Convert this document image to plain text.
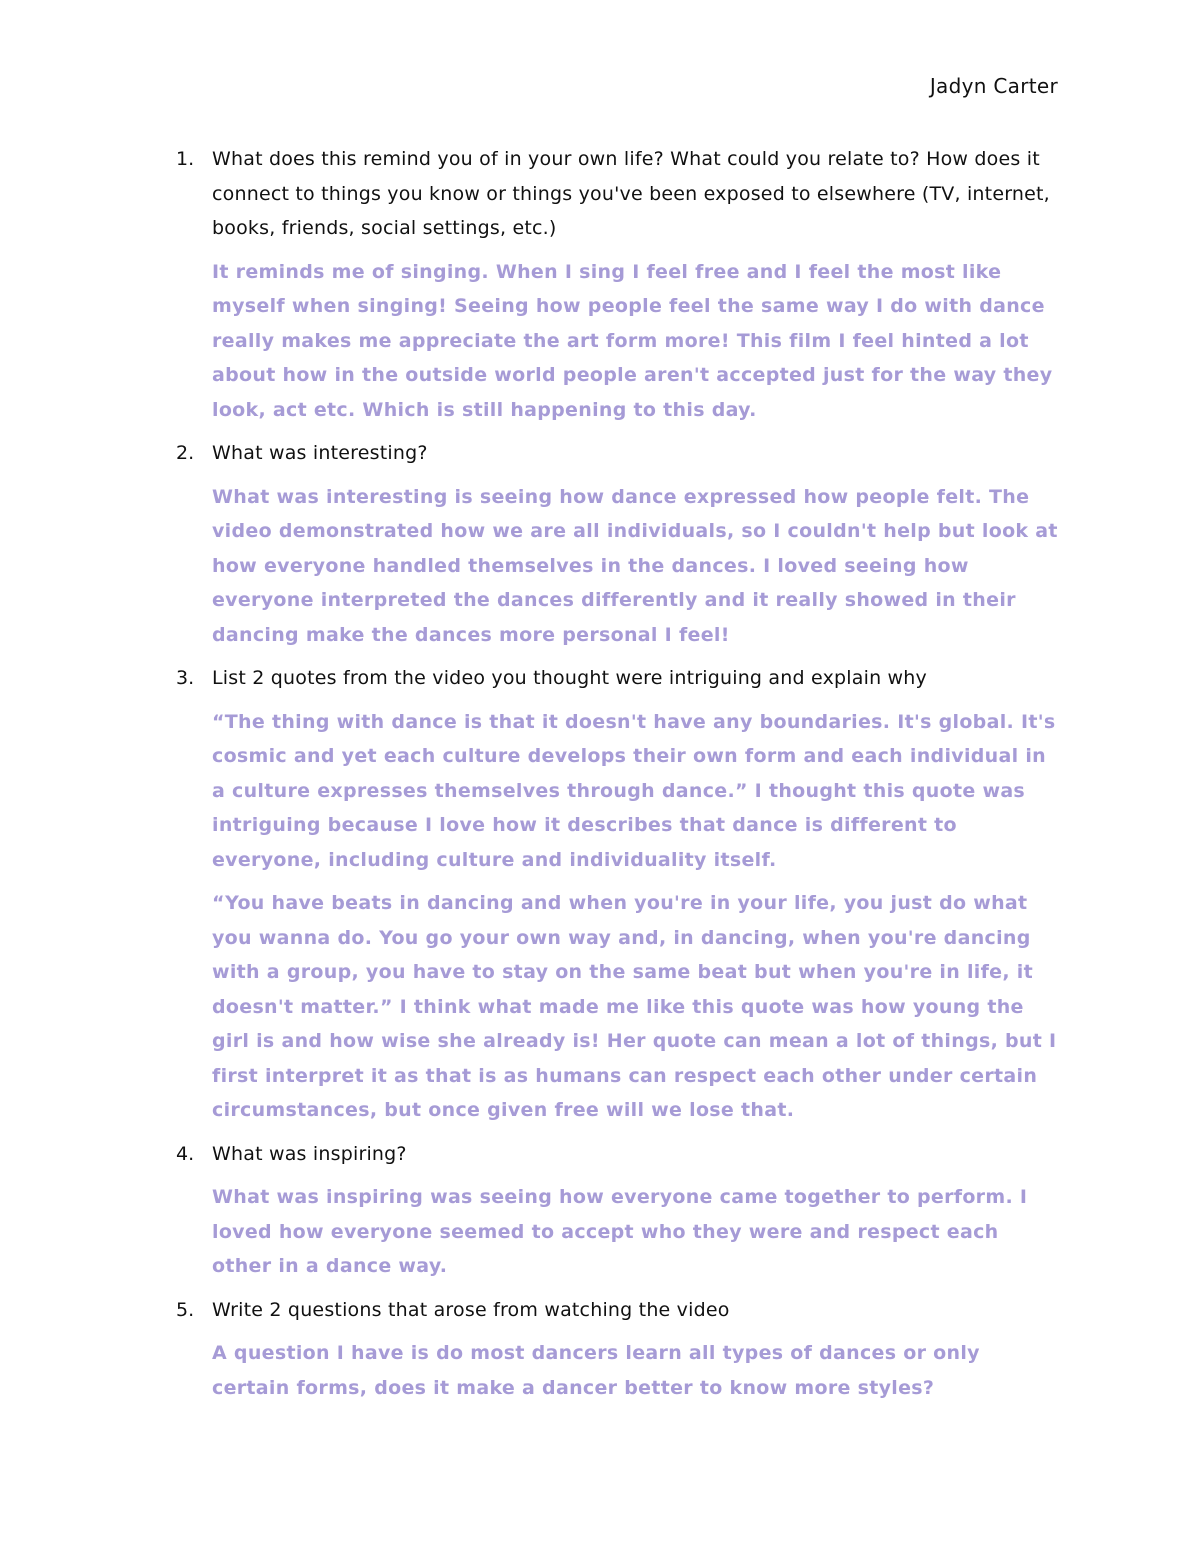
Jadyn Carter
1. What does this remind you of in your own life? What could you relate to? How does it connect to things you know or things you've been exposed to elsewhere (TV, internet, books, friends, social settings, etc.)

It reminds me of singing. When I sing I feel free and I feel the most like myself when singing! Seeing how people feel the same way I do with dance really makes me appreciate the art form more! This film I feel hinted a lot about how in the outside world people aren't accepted just for the way they look, act etc. Which is still happening to this day.

2. What was interesting?

What was interesting is seeing how dance expressed how people felt. The video demonstrated how we are all individuals, so I couldn't help but look at how everyone handled themselves in the dances. I loved seeing how everyone interpreted the dances differently and it really showed in their dancing make the dances more personal I feel!

3. List 2 quotes from the video you thought were intriguing and explain why

“The thing with dance is that it doesn't have any boundaries. It's global. It's cosmic and yet each culture develops their own form and each individual in a culture expresses themselves through dance.” I thought this quote was intriguing because I love how it describes that dance is different to everyone, including culture and individuality itself.

“You have beats in dancing and when you're in your life, you just do what you wanna do. You go your own way and, in dancing, when you're dancing with a group, you have to stay on the same beat but when you're in life, it doesn't matter.” I think what made me like this quote was how young the girl is and how wise she already is! Her quote can mean a lot of things, but I first interpret it as that is as humans can respect each other under certain circumstances, but once given free will we lose that.

4. What was inspiring?

What was inspiring was seeing how everyone came together to perform. I loved how everyone seemed to accept who they were and respect each other in a dance way.

5. Write 2 questions that arose from watching the video

A question I have is do most dancers learn all types of dances or only certain forms, does it make a dancer better to know more styles?
